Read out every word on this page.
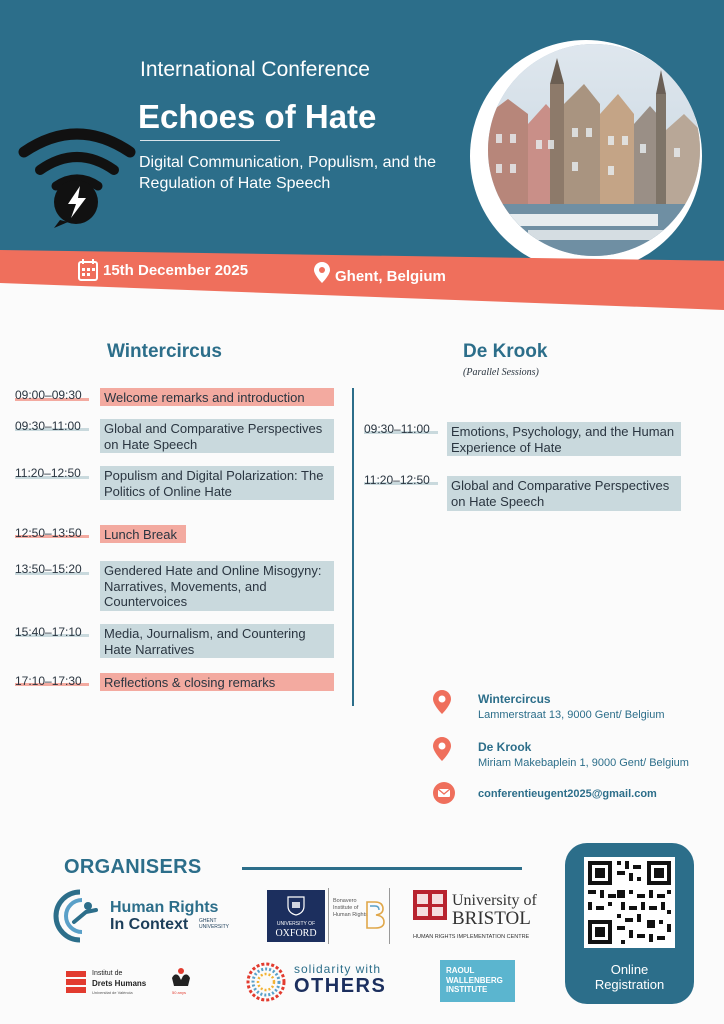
International Conference
Echoes of Hate
Digital Communication, Populism, and the Regulation of Hate Speech
15th December 2025	Ghent, Belgium
Wintercircus	De Krook
(Parallel Sessions)
09:00–09:30	Welcome remarks and introduction
09:30–11:00	Global and Comparative Perspectives on Hate Speech
11:20–12:50	Populism and Digital Polarization: The Politics of Online Hate
12:50–13:50	Lunch Break
13:50–15:20	Gendered Hate and Online Misogyny: Narratives, Movements, and Countervoices
15:40–17:10	Media, Journalism, and Countering Hate Narratives
17:10–17:30	Reflections & closing remarks
09:30–11:00	Emotions, Psychology, and the Human Experience of Hate
11:20–12:50	Global and Comparative Perspectives on Hate Speech
Wintercircus
Lammerstraat 13, 9000 Gent/ Belgium
De Krook
Miriam Makebaplein 1, 9000 Gent/ Belgium
conferentieugent2025@gmail.com
ORGANISERS
Human Rights
In Context GHENT UNIVERSITY	UNIVERSITY OF
OXFORD
Bonavero Institute of Human Rights
University of
BRISTOL
HUMAN RIGHTS IMPLEMENTATION CENTRE
Institut de
Drets Humans
Universitat de València	50 anys
solidarity with
OTHERS
RAOUL WALLENBERG INSTITUTE
Online
Registration
